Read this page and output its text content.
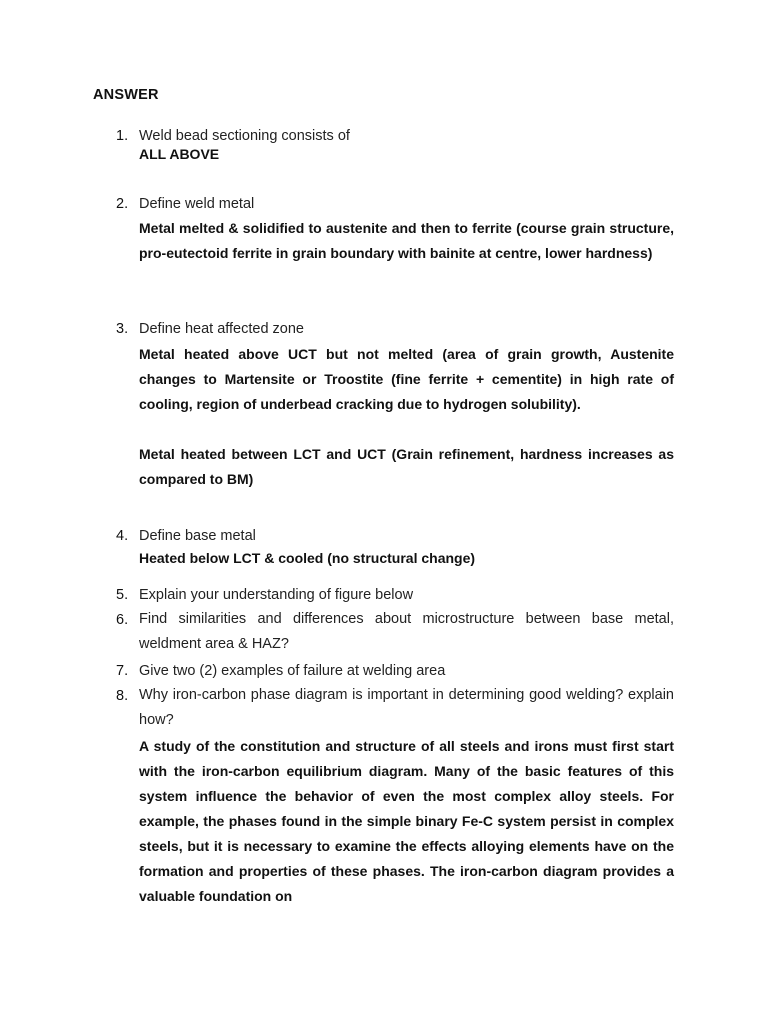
ANSWER
1. Weld bead sectioning consists of
ALL ABOVE
2. Define weld metal
Metal melted & solidified to austenite and then to ferrite (course grain structure, pro-eutectoid ferrite in grain boundary with bainite at centre, lower hardness)
3. Define heat affected zone
Metal heated above UCT but not melted (area of grain growth, Austenite changes to Martensite or Troostite (fine ferrite + cementite) in high rate of cooling, region of underbead cracking due to hydrogen solubility).
Metal heated between LCT and UCT (Grain refinement, hardness increases as compared to BM)
4. Define base metal
Heated below LCT & cooled (no structural change)
5. Explain your understanding of figure below
6. Find similarities and differences about microstructure between base metal, weldment area & HAZ?
7. Give two (2) examples of failure at welding area
8. Why iron-carbon phase diagram is important in determining good welding? explain how?
A study of the constitution and structure of all steels and irons must first start with the iron-carbon equilibrium diagram. Many of the basic features of this system influence the behavior of even the most complex alloy steels. For example, the phases found in the simple binary Fe-C system persist in complex steels, but it is necessary to examine the effects alloying elements have on the formation and properties of these phases. The iron-carbon diagram provides a valuable foundation on
